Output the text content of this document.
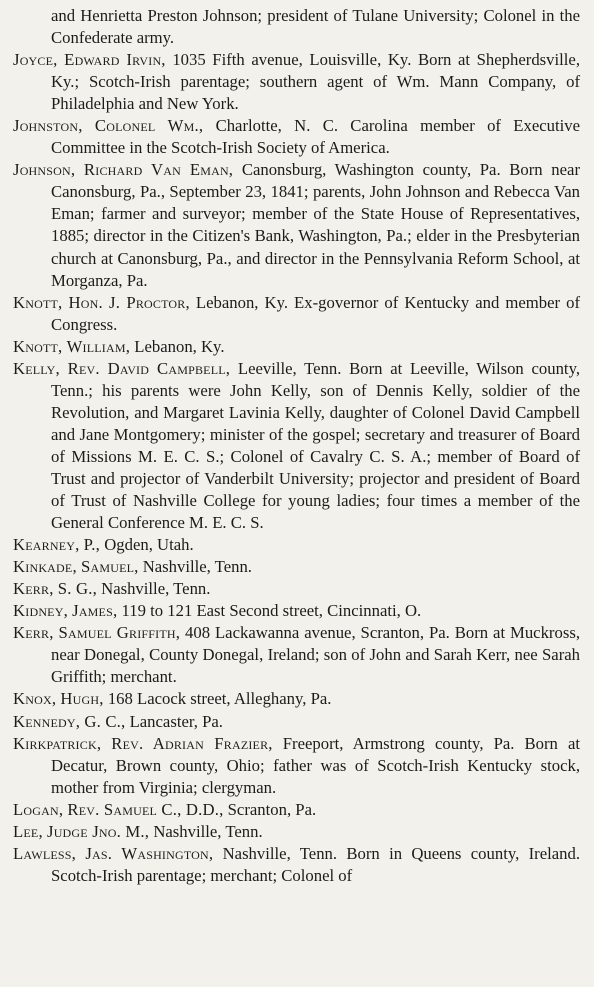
and Henrietta Preston Johnson; president of Tulane University; Colonel in the Confederate army.

Joyce, Edward Irvin, 1035 Fifth avenue, Louisville, Ky. Born at Shepherdsville, Ky.; Scotch-Irish parentage; southern agent of Wm. Mann Company, of Philadelphia and New York.

Johnston, Colonel Wm., Charlotte, N. C. Carolina member of Executive Committee in the Scotch-Irish Society of America.

Johnson, Richard Van Eman, Canonsburg, Washington county, Pa. Born near Canonsburg, Pa., September 23, 1841; parents, John Johnson and Rebecca Van Eman; farmer and surveyor; member of the State House of Representatives, 1885; director in the Citizen's Bank, Washington, Pa.; elder in the Presbyterian church at Canonsburg, Pa., and director in the Pennsylvania Reform School, at Morganza, Pa.

Knott, Hon. J. Proctor, Lebanon, Ky. Ex-governor of Kentucky and member of Congress.

Knott, William, Lebanon, Ky.

Kelly, Rev. David Campbell, Leeville, Tenn. Born at Leeville, Wilson county, Tenn.; his parents were John Kelly, son of Dennis Kelly, soldier of the Revolution, and Margaret Lavinia Kelly, daughter of Colonel David Campbell and Jane Montgomery; minister of the gospel; secretary and treasurer of Board of Missions M. E. C. S.; Colonel of Cavalry C. S. A.; member of Board of Trust and projector of Vanderbilt University; projector and president of Board of Trust of Nashville College for young ladies; four times a member of the General Conference M. E. C. S.

Kearney, P., Ogden, Utah.

Kinkade, Samuel, Nashville, Tenn.

Kerr, S. G., Nashville, Tenn.

Kidney, James, 119 to 121 East Second street, Cincinnati, O.

Kerr, Samuel Griffith, 408 Lackawanna avenue, Scranton, Pa. Born at Muckross, near Donegal, County Donegal, Ireland; son of John and Sarah Kerr, nee Sarah Griffith; merchant.

Knox, Hugh, 168 Lacock street, Alleghany, Pa.

Kennedy, G. C., Lancaster, Pa.

Kirkpatrick, Rev. Adrian Frazier, Freeport, Armstrong county, Pa. Born at Decatur, Brown county, Ohio; father was of Scotch-Irish Kentucky stock, mother from Virginia; clergyman.

Logan, Rev. Samuel C., D.D., Scranton, Pa.

Lee, Judge Jno. M., Nashville, Tenn.

Lawless, Jas. Washington, Nashville, Tenn. Born in Queens county, Ireland. Scotch-Irish parentage; merchant; Colonel of
